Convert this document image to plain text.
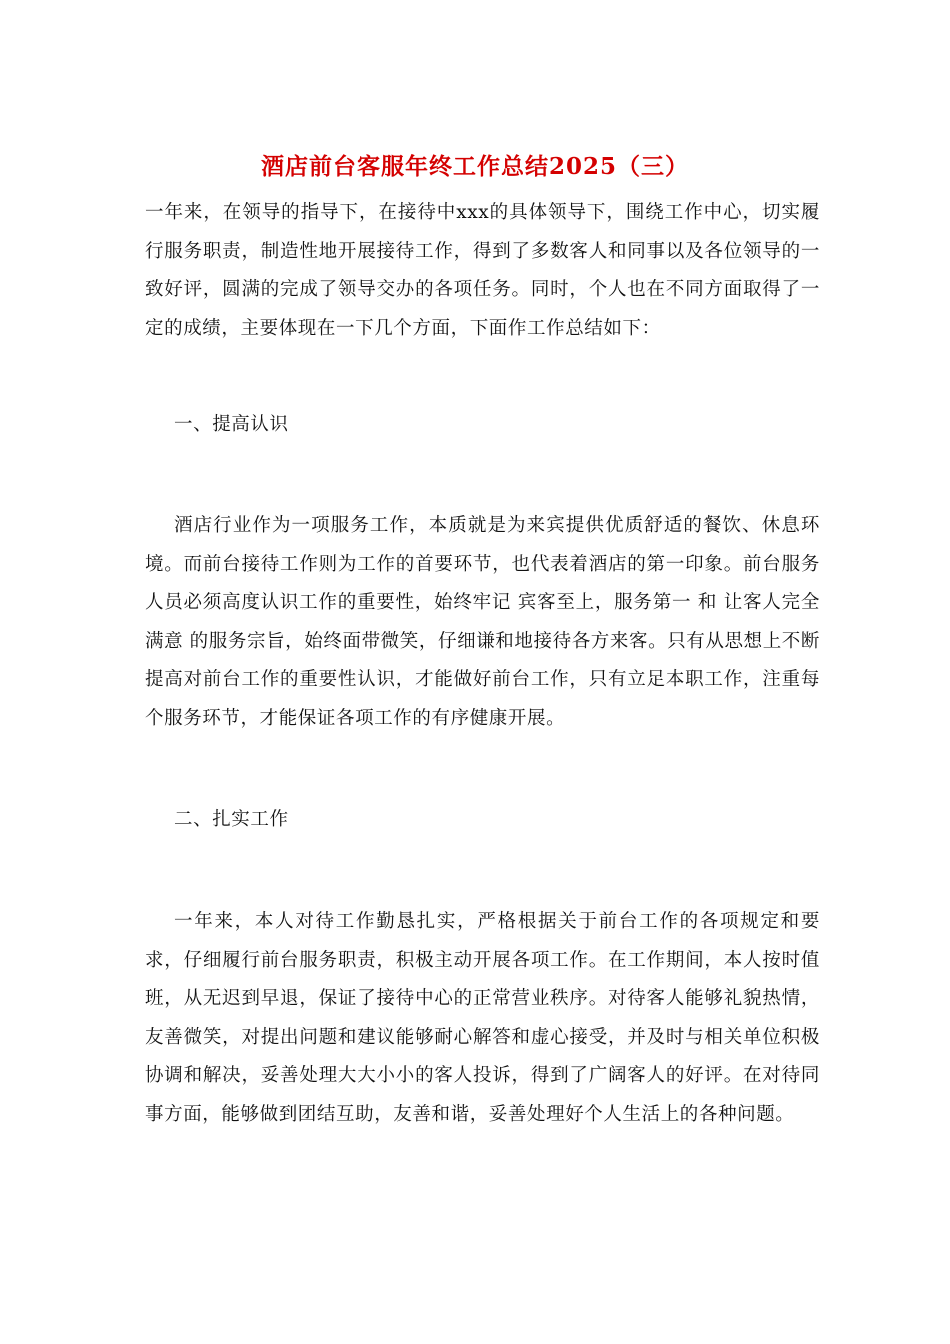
酒店前台客服年终工作总结2025（三）

一年来，在领导的指导下，在接待中xxx的具体领导下，围绕工作中心，切实履行服务职责，制造性地开展接待工作，得到了多数客人和同事以及各位领导的一致好评，圆满的完成了领导交办的各项任务。同时，个人也在不同方面取得了一定的成绩，主要体现在一下几个方面，下面作工作总结如下：

一、提高认识

酒店行业作为一项服务工作，本质就是为来宾提供优质舒适的餐饮、休息环境。而前台接待工作则为工作的首要环节，也代表着酒店的第一印象。前台服务人员必须高度认识工作的重要性，始终牢记 宾客至上，服务第一 和 让客人完全满意 的服务宗旨，始终面带微笑，仔细谦和地接待各方来客。只有从思想上不断提高对前台工作的重要性认识，才能做好前台工作，只有立足本职工作，注重每个服务环节，才能保证各项工作的有序健康开展。

二、扎实工作

一年来，本人对待工作勤恳扎实，严格根据关于前台工作的各项规定和要求，仔细履行前台服务职责，积极主动开展各项工作。在工作期间，本人按时值班，从无迟到早退，保证了接待中心的正常营业秩序。对待客人能够礼貌热情，友善微笑，对提出问题和建议能够耐心解答和虚心接受，并及时与相关单位积极协调和解决，妥善处理大大小小的客人投诉，得到了广阔客人的好评。在对待同事方面，能够做到团结互助，友善和谐，妥善处理好个人生活上的各种问题。
